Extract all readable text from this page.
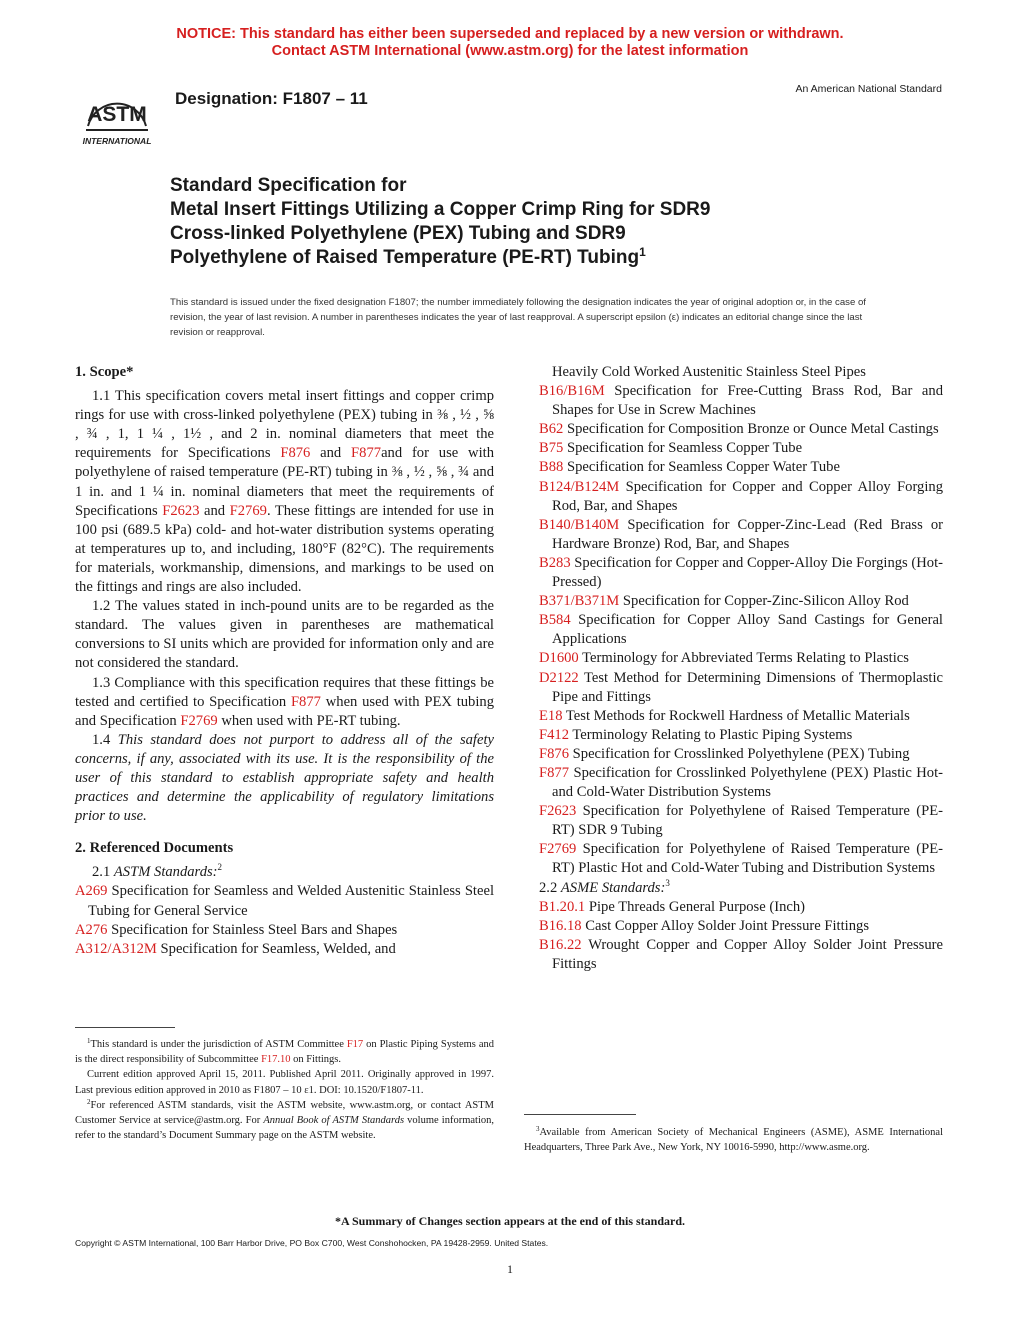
NOTICE: This standard has either been superseded and replaced by a new version or withdrawn.
Contact ASTM International (www.astm.org) for the latest information
ASTM
INTERNATIONAL
Designation: F1807 – 11	An American National Standard
Standard Specification for
Metal Insert Fittings Utilizing a Copper Crimp Ring for SDR9
Cross-linked Polyethylene (PEX) Tubing and SDR9
Polyethylene of Raised Temperature (PE-RT) Tubing$^1$
This standard is issued under the fixed designation F1807; the number immediately following the designation indicates the year of original adoption or, in the case of revision, the year of last revision. A number in parentheses indicates the year of last reapproval. A superscript epsilon (ε) indicates an editorial change since the last revision or reapproval.
1. Scope*

1.1 This specification covers metal insert fittings and copper crimp rings for use with cross-linked polyethylene (PEX) tubing in ⅜ , ½ , ⅝ , ¾ , 1, 1 ¼ , 1½ , and 2 in. nominal diameters that meet the requirements for Specifications F876 and F877and for use with polyethylene of raised temperature (PE-RT) tubing in ⅜ , ½ , ⅝ , ¾ and 1 in. and 1 ¼ in. nominal diameters that meet the requirements of Specifications F2623 and F2769. These fittings are intended for use in 100 psi (689.5 kPa) cold- and hot-water distribution systems operating at temperatures up to, and including, 180°F (82°C). The requirements for materials, workmanship, dimensions, and markings to be used on the fittings and rings are also included.

1.2 The values stated in inch-pound units are to be regarded as the standard. The values given in parentheses are mathematical conversions to SI units which are provided for information only and are not considered the standard.

1.3 Compliance with this specification requires that these fittings be tested and certified to Specification F877 when used with PEX tubing and Specification F2769 when used with PE-RT tubing.

1.4 This standard does not purport to address all of the safety concerns, if any, associated with its use. It is the responsibility of the user of this standard to establish appropriate safety and health practices and determine the applicability of regulatory limitations prior to use.

2. Referenced Documents
2.1 ASTM Standards:$^2$

A269 Specification for Seamless and Welded Austenitic Stainless Steel Tubing for General Service

A276 Specification for Stainless Steel Bars and Shapes

A312/A312M Specification for Seamless, Welded, and

Heavily Cold Worked Austenitic Stainless Steel Pipes

B16/B16M Specification for Free-Cutting Brass Rod, Bar and Shapes for Use in Screw Machines

B62 Specification for Composition Bronze or Ounce Metal Castings

B75 Specification for Seamless Copper Tube

B88 Specification for Seamless Copper Water Tube

B124/B124M Specification for Copper and Copper Alloy Forging Rod, Bar, and Shapes

B140/B140M Specification for Copper-Zinc-Lead (Red Brass or Hardware Bronze) Rod, Bar, and Shapes

B283 Specification for Copper and Copper-Alloy Die Forgings (Hot-Pressed)

B371/B371M Specification for Copper-Zinc-Silicon Alloy Rod

B584 Specification for Copper Alloy Sand Castings for General Applications

D1600 Terminology for Abbreviated Terms Relating to Plastics

D2122 Test Method for Determining Dimensions of Thermoplastic Pipe and Fittings

E18 Test Methods for Rockwell Hardness of Metallic Materials

F412 Terminology Relating to Plastic Piping Systems

F876 Specification for Crosslinked Polyethylene (PEX) Tubing

F877 Specification for Crosslinked Polyethylene (PEX) Plastic Hot- and Cold-Water Distribution Systems

F2623 Specification for Polyethylene of Raised Temperature (PE-RT) SDR 9 Tubing

F2769 Specification for Polyethylene of Raised Temperature (PE-RT) Plastic Hot and Cold-Water Tubing and Distribution Systems

2.2 ASME Standards:$^3$

B1.20.1 Pipe Threads General Purpose (Inch)

B16.18 Cast Copper Alloy Solder Joint Pressure Fittings

B16.22 Wrought Copper and Copper Alloy Solder Joint Pressure Fittings

$^1$This standard is under the jurisdiction of ASTM Committee F17 on Plastic Piping Systems and is the direct responsibility of Subcommittee F17.10 on Fittings.

Current edition approved April 15, 2011. Published April 2011. Originally approved in 1997. Last previous edition approved in 2010 as F1807 – 10 ε1. DOI: 10.1520/F1807-11.

$^2$For referenced ASTM standards, visit the ASTM website, www.astm.org, or contact ASTM Customer Service at service@astm.org. For Annual Book of ASTM Standards volume information, refer to the standard’s Document Summary page on the ASTM website.

$^3$Available from American Society of Mechanical Engineers (ASME), ASME International Headquarters, Three Park Ave., New York, NY 10016-5990, http://www.asme.org.

*A Summary of Changes section appears at the end of this standard.
Copyright © ASTM International, 100 Barr Harbor Drive, PO Box C700, West Conshohocken, PA 19428-2959. United States.
1
